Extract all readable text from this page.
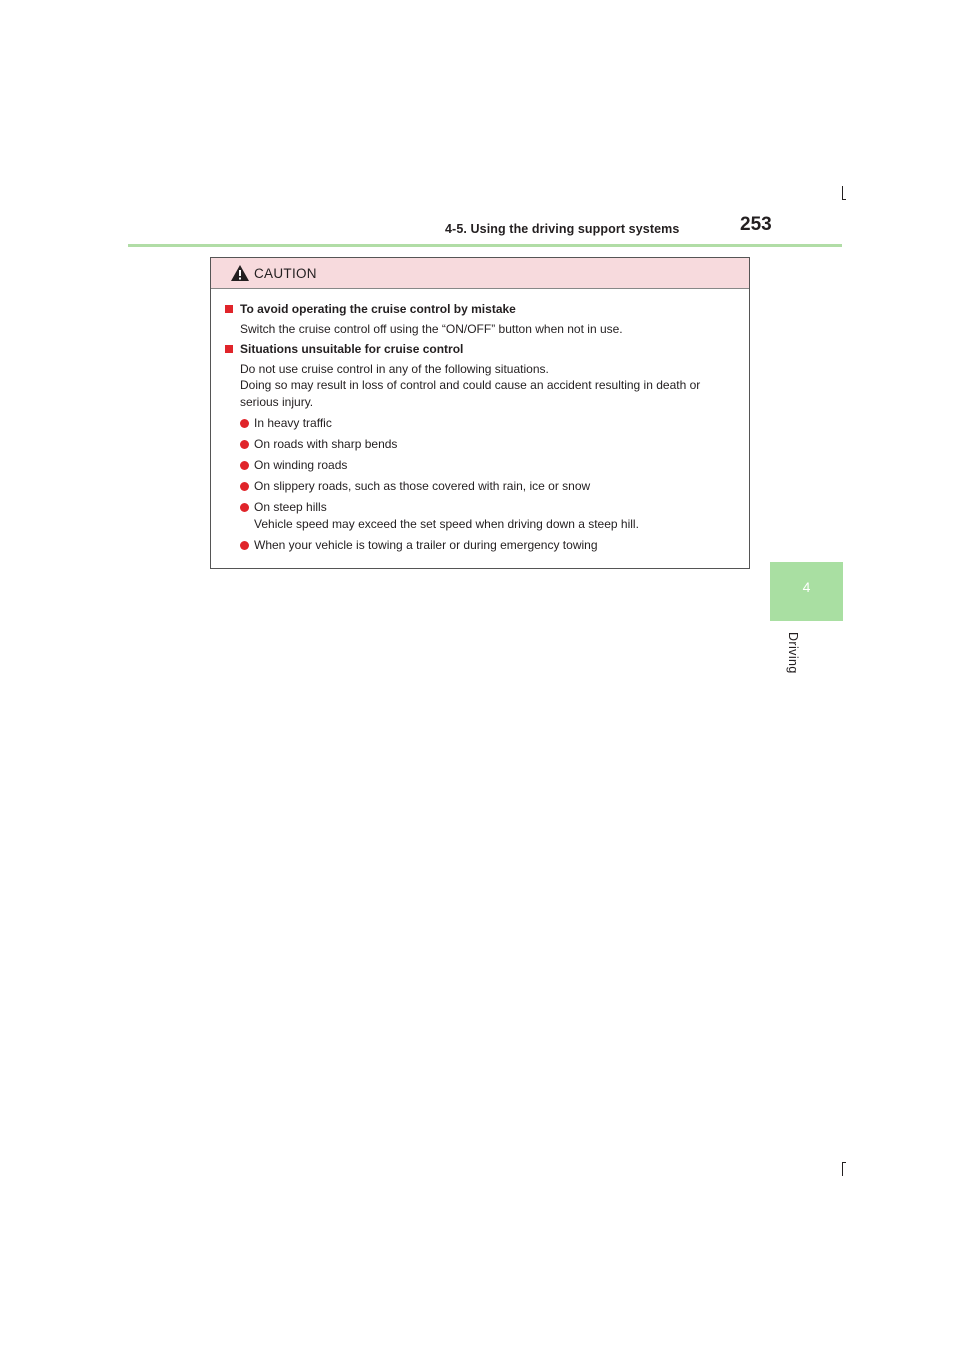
4-5. Using the driving support systems	253
4
Driving
CAUTION
To avoid operating the cruise control by mistake
Switch the cruise control off using the “ON/OFF” button when not in use.
Situations unsuitable for cruise control
Do not use cruise control in any of the following situations.
Doing so may result in loss of control and could cause an accident resulting in death or serious injury.
In heavy traffic
On roads with sharp bends
On winding roads
On slippery roads, such as those covered with rain, ice or snow
On steep hills
Vehicle speed may exceed the set speed when driving down a steep hill.
When your vehicle is towing a trailer or during emergency towing
